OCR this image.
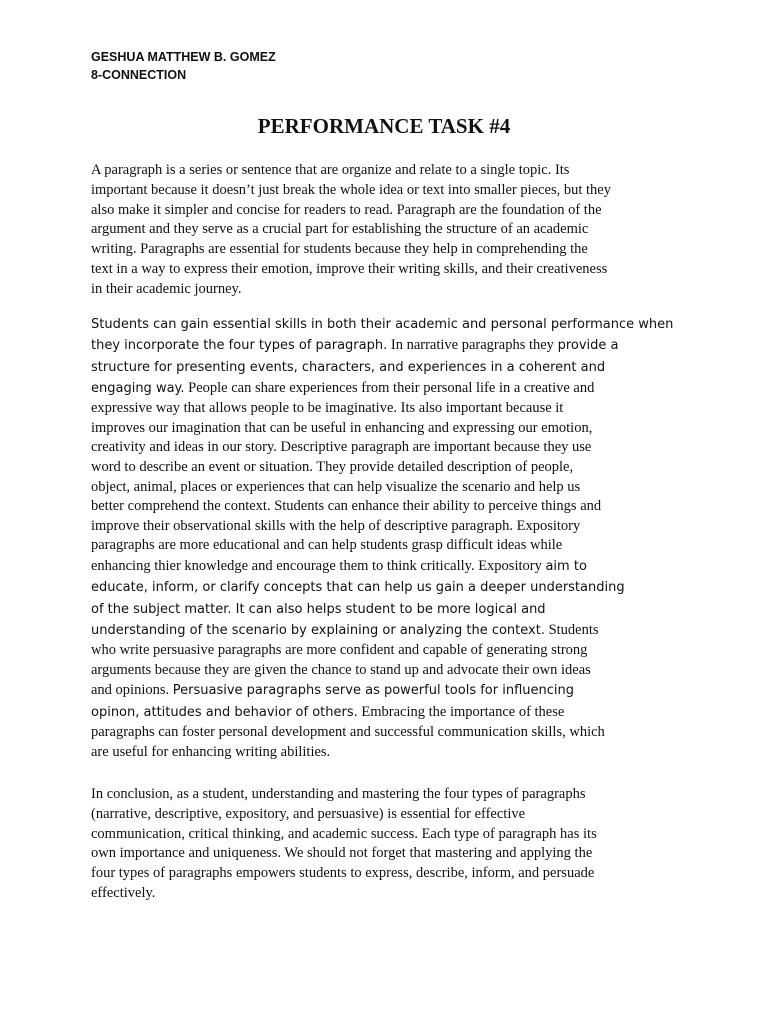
GESHUA MATTHEW B. GOMEZ
8-CONNECTION
PERFORMANCE TASK #4
A paragraph is a series or sentence that are organize and relate to a single topic. Its
important because it doesn’t just break the whole idea or text into smaller pieces, but they
also make it simpler and concise for readers to read. Paragraph are the foundation of the
argument and they serve as a crucial part for establishing the structure of an academic
writing. Paragraphs are essential for students because they help in comprehending the
text in a way to express their emotion, improve their writing skills, and their creativeness
in their academic journey.
Students can gain essential skills in both their academic and personal performance when
they incorporate the four types of paragraph. In narrative paragraphs they provide a
structure for presenting events, characters, and experiences in a coherent and
engaging way. People can share experiences from their personal life in a creative and
expressive way that allows people to be imaginative. Its also important because it
improves our imagination that can be useful in enhancing and expressing our emotion,
creativity and ideas in our story. Descriptive paragraph are important because they use
word to describe an event or situation. They provide detailed description of people,
object, animal, places or experiences that can help visualize the scenario and help us
better comprehend the context. Students can enhance their ability to perceive things and
improve their observational skills with the help of descriptive paragraph. Expository
paragraphs are more educational and can help students grasp difficult ideas while
enhancing thier knowledge and encourage them to think critically. Expository aim to
educate, inform, or clarify concepts that can help us gain a deeper understanding
of the subject matter. It can also helps student to be more logical and
understanding of the scenario by explaining or analyzing the context. Students
who write persuasive paragraphs are more confident and capable of generating strong
arguments because they are given the chance to stand up and advocate their own ideas
and opinions. Persuasive paragraphs serve as powerful tools for influencing
opinon, attitudes and behavior of others. Embracing the importance of these
paragraphs can foster personal development and successful communication skills, which
are useful for enhancing writing abilities.
In conclusion, as a student, understanding and mastering the four types of paragraphs
(narrative, descriptive, expository, and persuasive) is essential for effective
communication, critical thinking, and academic success. Each type of paragraph has its
own importance and uniqueness. We should not forget that mastering and applying the
four types of paragraphs empowers students to express, describe, inform, and persuade
effectively.
